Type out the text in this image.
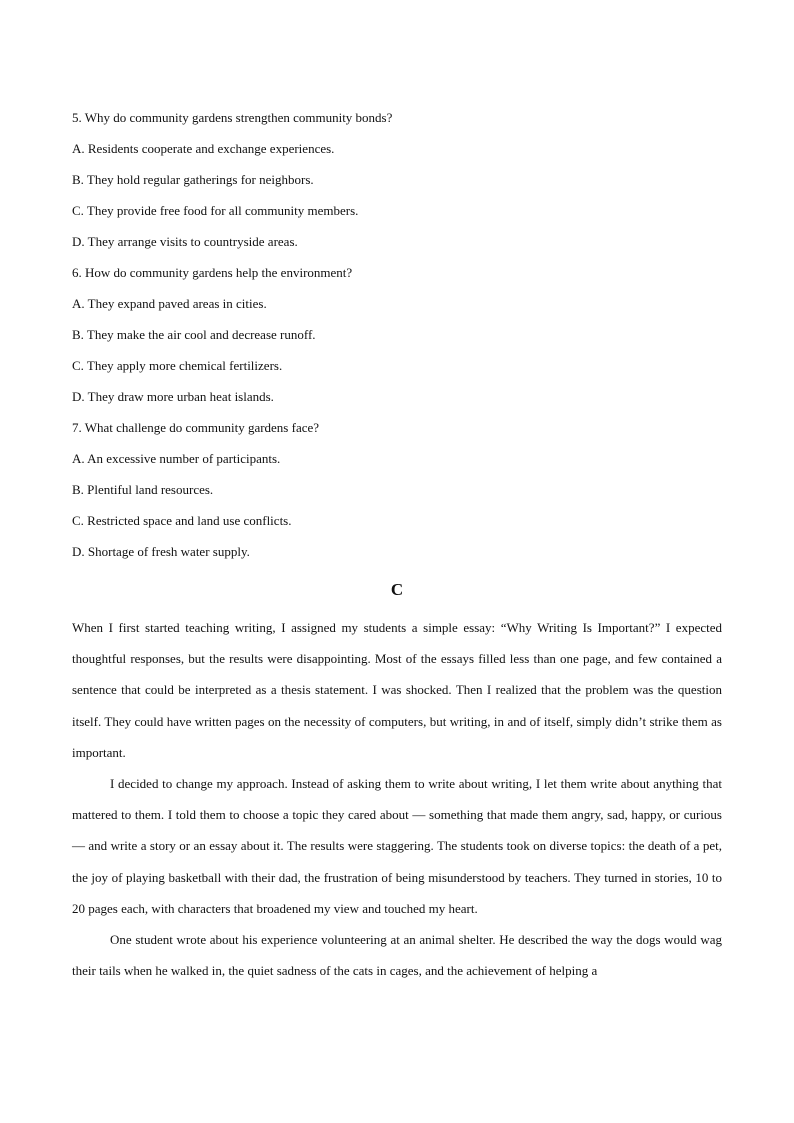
5. Why do community gardens strengthen community bonds?
A. Residents cooperate and exchange experiences.
B. They hold regular gatherings for neighbors.
C. They provide free food for all community members.
D. They arrange visits to countryside areas.
6. How do community gardens help the environment?
A. They expand paved areas in cities.
B. They make the air cool and decrease runoff.
C. They apply more chemical fertilizers.
D. They draw more urban heat islands.
7. What challenge do community gardens face?
A. An excessive number of participants.
B. Plentiful land resources.
C. Restricted space and land use conflicts.
D. Shortage of fresh water supply.
C

When I first started teaching writing, I assigned my students a simple essay: “Why Writing Is Important?” I expected thoughtful responses, but the results were disappointing. Most of the essays filled less than one page, and few contained a sentence that could be interpreted as a thesis statement. I was shocked. Then I realized that the problem was the question itself. They could have written pages on the necessity of computers, but writing, in and of itself, simply didn’t strike them as important.

I decided to change my approach. Instead of asking them to write about writing, I let them write about anything that mattered to them. I told them to choose a topic they cared about — something that made them angry, sad, happy, or curious — and write a story or an essay about it. The results were staggering. The students took on diverse topics: the death of a pet, the joy of playing basketball with their dad, the frustration of being misunderstood by teachers. They turned in stories, 10 to 20 pages each, with characters that broadened my view and touched my heart.

One student wrote about his experience volunteering at an animal shelter. He described the way the dogs would wag their tails when he walked in, the quiet sadness of the cats in cages, and the achievement of helping a
